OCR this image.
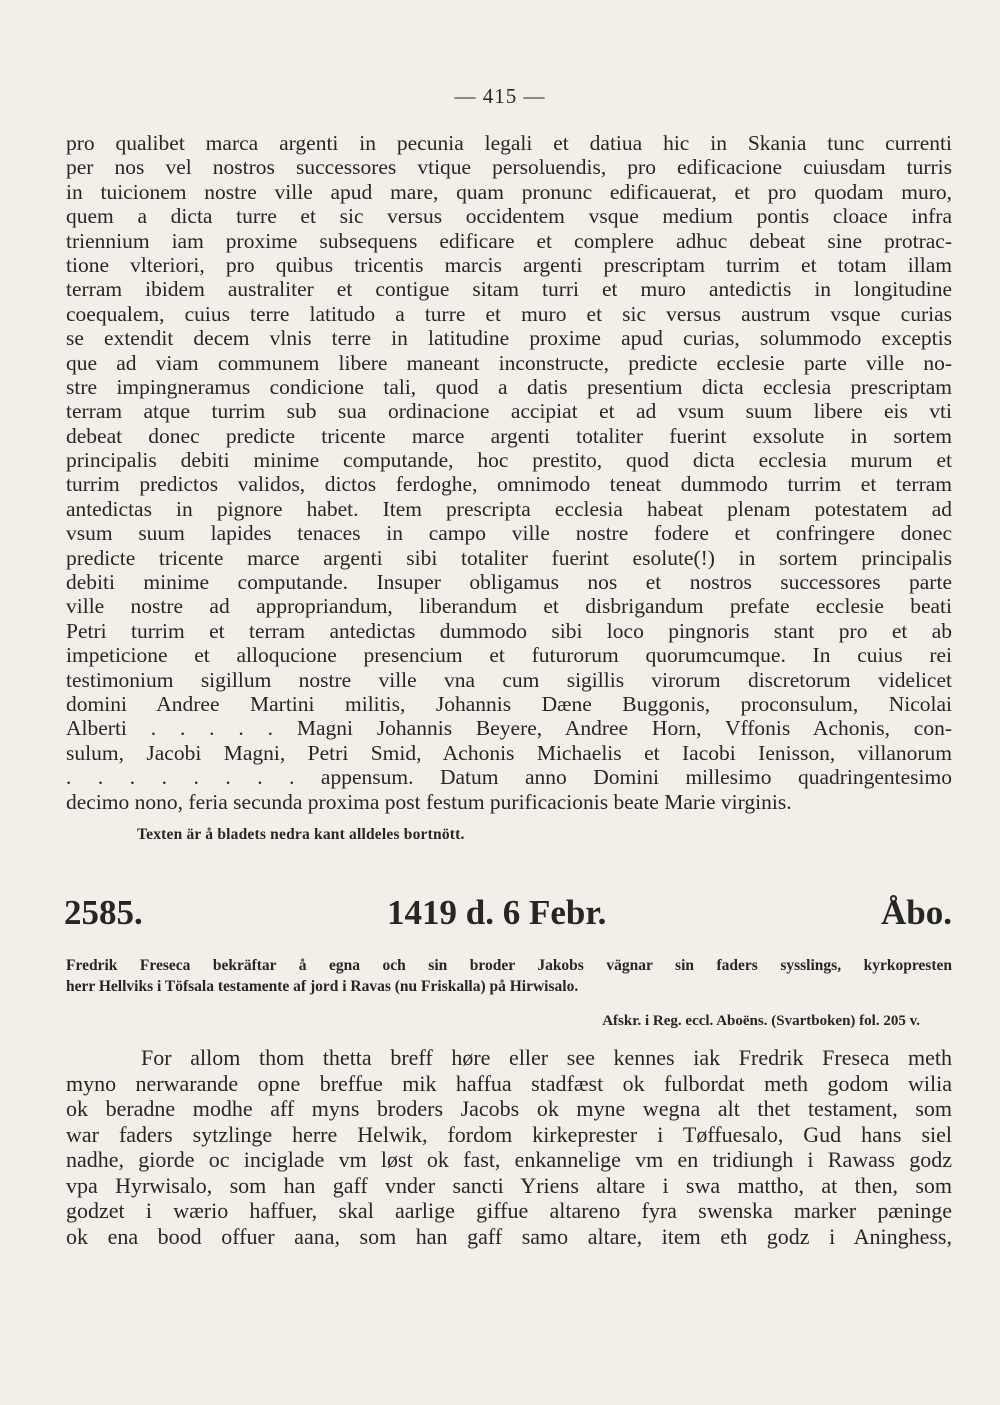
— 415 —
pro qualibet marca argenti in pecunia legali et datiua hic in Skania tunc currenti
per nos vel nostros successores vtique persoluendis, pro edificacione cuiusdam turris
in tuicionem nostre ville apud mare, quam pronunc edificauerat, et pro quodam muro,
quem a dicta turre et sic versus occidentem vsque medium pontis cloace infra
triennium iam proxime subsequens edificare et complere adhuc debeat sine protrac-
tione vlteriori, pro quibus tricentis marcis argenti prescriptam turrim et totam illam
terram ibidem australiter et contigue sitam turri et muro antedictis in longitudine
coequalem, cuius terre latitudo a turre et muro et sic versus austrum vsque curias
se extendit decem vlnis terre in latitudine proxime apud curias, solummodo exceptis
que ad viam communem libere maneant inconstructe, predicte ecclesie parte ville no-
stre impingneramus condicione tali, quod a datis presentium dicta ecclesia prescriptam
terram atque turrim sub sua ordinacione accipiat et ad vsum suum libere eis vti
debeat donec predicte tricente marce argenti totaliter fuerint exsolute in sortem
principalis debiti minime computande, hoc prestito, quod dicta ecclesia murum et
turrim predictos validos, dictos ferdoghe, omnimodo teneat dummodo turrim et terram
antedictas in pignore habet. Item prescripta ecclesia habeat plenam potestatem ad
vsum suum lapides tenaces in campo ville nostre fodere et confringere donec
predicte tricente marce argenti sibi totaliter fuerint esolute(!) in sortem principalis
debiti minime computande. Insuper obligamus nos et nostros successores parte
ville nostre ad appropriandum, liberandum et disbrigandum prefate ecclesie beati
Petri turrim et terram antedictas dummodo sibi loco pingnoris stant pro et ab
impeticione et alloqucione presencium et futurorum quorumcumque. In cuius rei
testimonium sigillum nostre ville vna cum sigillis virorum discretorum videlicet
domini Andree Martini militis, Johannis Dæne Buggonis, proconsulum, Nicolai
Alberti . . . . . Magni Johannis Beyere, Andree Horn, Vffonis Achonis, con-
sulum, Jacobi Magni, Petri Smid, Achonis Michaelis et Iacobi Ienisson, villanorum
. . . . . . . . appensum. Datum anno Domini millesimo quadringentesimo
decimo nono, feria secunda proxima post festum purificacionis beate Marie virginis.
Texten är å bladets nedra kant alldeles bortnött.
2585.	1419 d. 6 Febr.	Åbo.
Fredrik Freseca bekräftar å egna och sin broder Jakobs vägnar sin faders sysslings, kyrkopresten
herr Hellviks i Töfsala testamente af jord i Ravas (nu Friskalla) på Hirwisalo.
Afskr. i Reg. eccl. Aboëns. (Svartboken) fol. 205 v.
For allom thom thetta breff høre eller see kennes iak Fredrik Freseca meth
myno nerwarande opne breffue mik haffua stadfæst ok fulbordat meth godom wilia
ok beradne modhe aff myns broders Jacobs ok myne wegna alt thet testament, som
war faders sytzlinge herre Helwik, fordom kirkeprester i Tøffuesalo, Gud hans siel
nadhe, giorde oc inciglade vm løst ok fast, enkannelige vm en tridiungh i Rawass godz
vpa Hyrwisalo, som han gaff vnder sancti Yriens altare i swa mattho, at then, som
godzet i wærio haffuer, skal aarlige giffue altareno fyra swenska marker pæninge
ok ena bood offuer aana, som han gaff samo altare, item eth godz i Aninghess,
